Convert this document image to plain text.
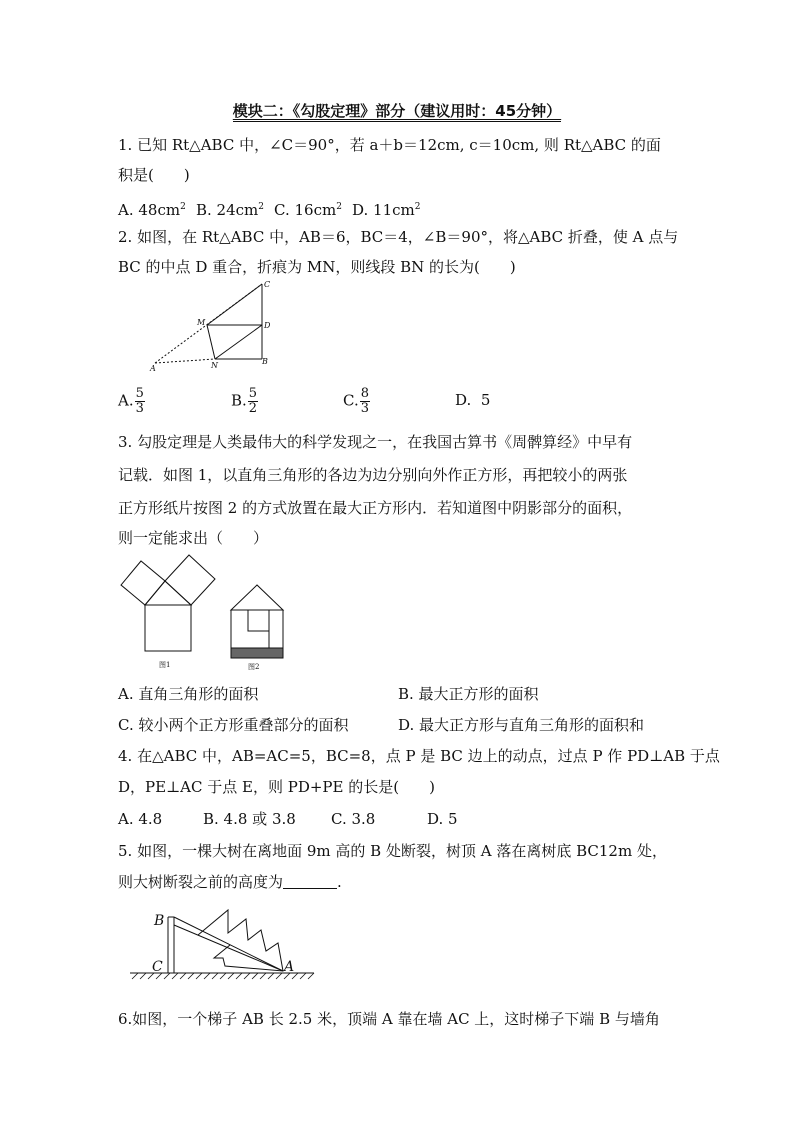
模块二：《勾股定理》部分（建议用时：45分钟）
1. 已知 Rt△ABC 中，∠C＝90°，若 a＋b＝12cm, c＝10cm, 则 Rt△ABC 的面
积是(　　)
A. $48cm^2$ B. $24cm^2$ C. $16cm^2$ D. $11cm^2$
2. 如图，在 Rt△ABC 中，AB＝6，BC＝4，∠B＝90°，将△ABC 折叠，使 A 点与
BC 的中点 D 重合，折痕为 MN，则线段 BN 的长为(　　)
C
M	D
A	N	B
A. $\frac{5}{3}$	B. $\frac{5}{2}$	C. $\frac{8}{3}$	D. 5
3. 勾股定理是人类最伟大的科学发现之一，在我国古算书《周髀算经》中早有
记载．如图 1，以直角三角形的各边为边分别向外作正方形，再把较小的两张
正方形纸片按图 2 的方式放置在最大正方形内．若知道图中阴影部分的面积，
则一定能求出（　　）
图1	图2
A. 直角三角形的面积	B. 最大正方形的面积
C. 较小两个正方形重叠部分的面积	D. 最大正方形与直角三角形的面积和
4. 在△ABC 中，AB=AC=5，BC=8，点 P 是 BC 边上的动点，过点 P 作 PD⊥AB 于点
D，PE⊥AC 于点 E，则 PD+PE 的长是(　　)
A. 4.8	B. 4.8 或 3.8 C. 3.8	D. 5
5. 如图，一棵大树在离地面 9m 高的 B 处断裂，树顶 A 落在离树底 BC12m 处，
则大树断裂之前的高度为	.
B
C	A
6.如图，一个梯子 AB 长 2.5 米，顶端 A 靠在墙 AC 上，这时梯子下端 B 与墙角
